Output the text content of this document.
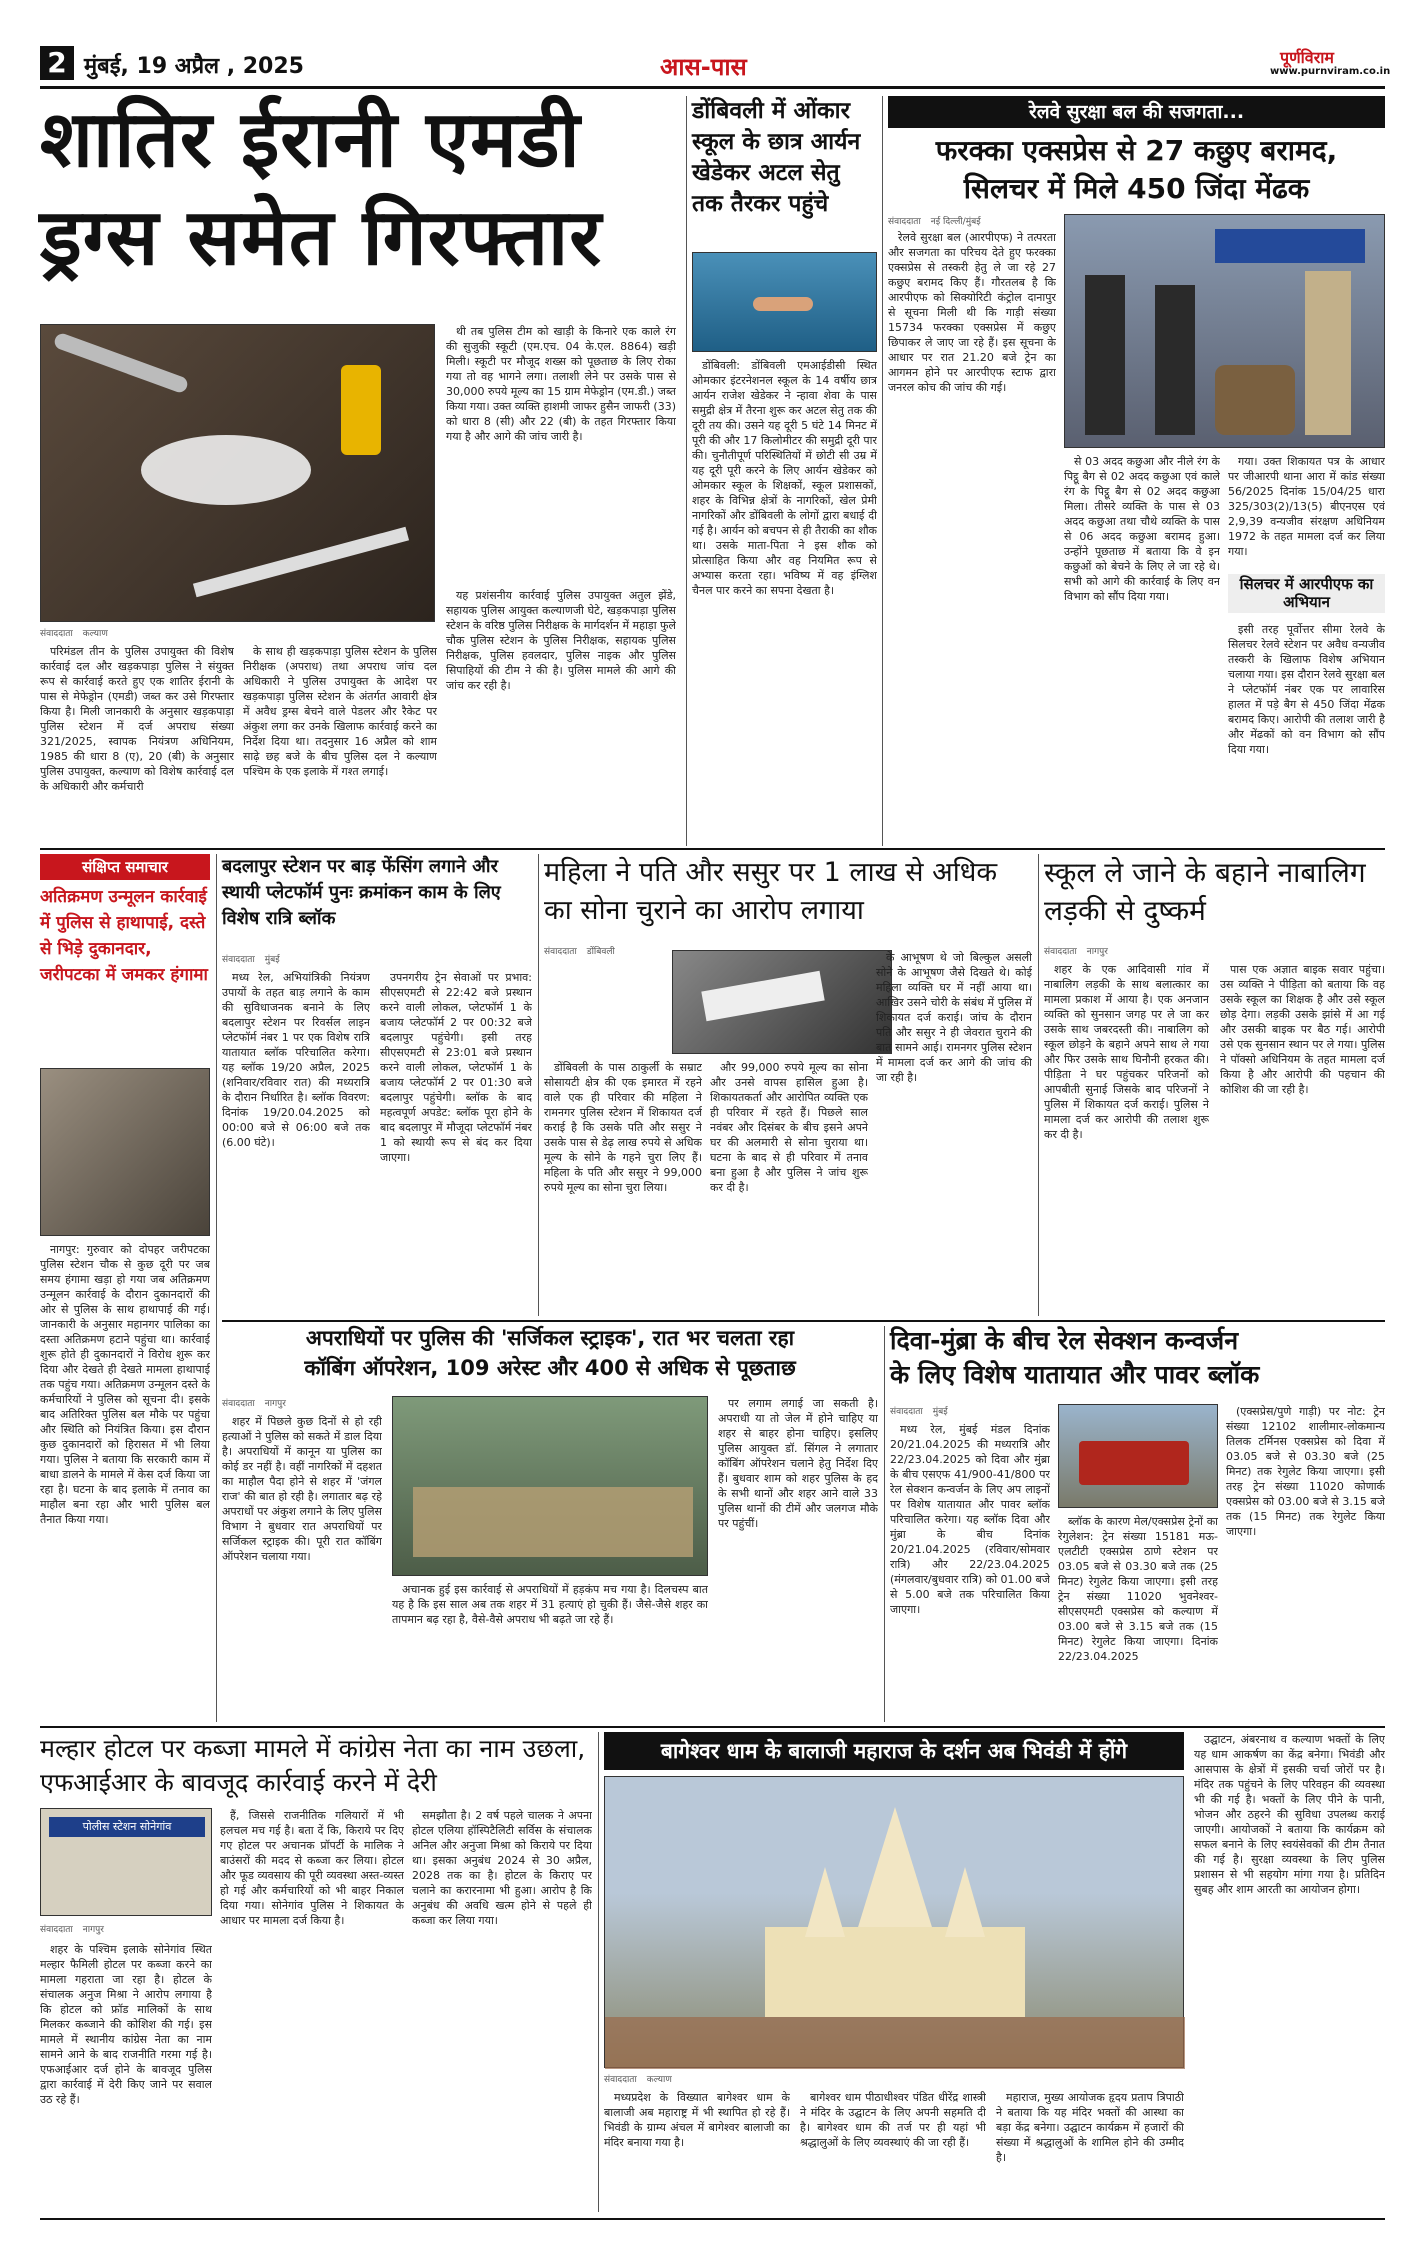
2 मुंबई, 19 अप्रैल , 2025	आस-पास	पूर्णविराम
www.purnviram.co.in
शातिर ईरानी एमडी
ड्रग्स समेत गिरफ्तार
संवाददाता कल्याण

परिमंडल तीन के पुलिस उपायुक्त की विशेष कार्रवाई दल और खड़कपाड़ा पुलिस ने संयुक्त रूप से कार्रवाई करते हुए एक शातिर ईरानी के पास से मेफेड्रोन (एमडी) जब्त कर उसे गिरफ्तार किया है। मिली जानकारी के अनुसार खड़कपाड़ा पुलिस स्टेशन में दर्ज अपराध संख्या 321/2025, स्वापक नियंत्रण अधिनियम, 1985 की धारा 8 (ए), 20 (बी) के अनुसार पुलिस उपायुक्त, कल्याण को विशेष कार्रवाई दल के अधिकारी और कर्मचारी

के साथ ही खड़कपाड़ा पुलिस स्टेशन के पुलिस निरीक्षक (अपराध) तथा अपराध जांच दल अधिकारी ने पुलिस उपायुक्त के आदेश पर खड़कपाड़ा पुलिस स्टेशन के अंतर्गत आवारी क्षेत्र में अवैध ड्रग्स बेचने वाले पेडलर और रैकेट पर अंकुश लगा कर उनके खिलाफ कार्रवाई करने का निर्देश दिया था। तदनुसार 16 अप्रैल को शाम साढ़े छह बजे के बीच पुलिस दल ने कल्याण पश्चिम के एक इलाके में गश्त लगाई।

थी तब पुलिस टीम को खाड़ी के किनारे एक काले रंग की सुजुकी स्कूटी (एम.एच. 04 के.एल. 8864) खड़ी मिली। स्कूटी पर मौजूद शख्स को पूछताछ के लिए रोका गया तो वह भागने लगा। तलाशी लेने पर उसके पास से 30,000 रुपये मूल्य का 15 ग्राम मेफेड्रोन (एम.डी.) जब्त किया गया। उक्त व्यक्ति हाशमी जाफर हुसैन जाफरी (33) को धारा 8 (सी) और 22 (बी) के तहत गिरफ्तार किया गया है और आगे की जांच जारी है।

यह प्रशंसनीय कार्रवाई पुलिस उपायुक्त अतुल झेंडे, सहायक पुलिस आयुक्त कल्याणजी घेटे, खड़कपाड़ा पुलिस स्टेशन के वरिष्ठ पुलिस निरीक्षक के मार्गदर्शन में महाड़ा फुले चौक पुलिस स्टेशन के पुलिस निरीक्षक, सहायक पुलिस निरीक्षक, पुलिस हवलदार, पुलिस नाइक और पुलिस सिपाहियों की टीम ने की है। पुलिस मामले की आगे की जांच कर रही है।

डोंबिवली में ओंकार स्कूल के छात्र आर्यन खेडेकर अटल सेतु तक तैरकर पहुंचे

डोंबिवली: डोंबिवली एमआईडीसी स्थित ओमकार इंटरनेशनल स्कूल के 14 वर्षीय छात्र आर्यन राजेश खेडेकर ने न्हावा शेवा के पास समुद्री क्षेत्र में तैरना शुरू कर अटल सेतु तक की दूरी तय की। उसने यह दूरी 5 घंटे 14 मिनट में पूरी की और 17 किलोमीटर की समुद्री दूरी पार की। चुनौतीपूर्ण परिस्थितियों में छोटी सी उम्र में यह दूरी पूरी करने के लिए आर्यन खेडेकर को ओमकार स्कूल के शिक्षकों, स्कूल प्रशासकों, शहर के विभिन्न क्षेत्रों के नागरिकों, खेल प्रेमी नागरिकों और डोंबिवली के लोगों द्वारा बधाई दी गई है। आर्यन को बचपन से ही तैराकी का शौक था। उसके माता-पिता ने इस शौक को प्रोत्साहित किया और वह नियमित रूप से अभ्यास करता रहा। भविष्य में वह इंग्लिश चैनल पार करने का सपना देखता है।

रेलवे सुरक्षा बल की सजगता...
फरक्का एक्सप्रेस से 27 कछुए बरामद,
सिलचर में मिले 450 जिंदा मेंढक
संवाददाता नई दिल्ली/मुंबई

रेलवे सुरक्षा बल (आरपीएफ) ने तत्परता और सजगता का परिचय देते हुए फरक्का एक्सप्रेस से तस्करी हेतु ले जा रहे 27 कछुए बरामद किए हैं। गौरतलब है कि आरपीएफ को सिक्योरिटी कंट्रोल दानापुर से सूचना मिली थी कि गाड़ी संख्या 15734 फरक्का एक्सप्रेस में कछुए छिपाकर ले जाए जा रहे हैं। इस सूचना के आधार पर रात 21.20 बजे ट्रेन का आगमन होने पर आरपीएफ स्टाफ द्वारा जनरल कोच की जांच की गई।

से 03 अदद कछुआ और नीले रंग के पिट्ठू बैग से 02 अदद कछुआ एवं काले रंग के पिट्ठू बैग से 02 अदद कछुआ मिला। तीसरे व्यक्ति के पास से 03 अदद कछुआ तथा चौथे व्यक्ति के पास से 06 अदद कछुआ बरामद हुआ। उन्होंने पूछताछ में बताया कि वे इन कछुओं को बेचने के लिए ले जा रहे थे। सभी को आगे की कार्रवाई के लिए वन विभाग को सौंप दिया गया।

गया। उक्त शिकायत पत्र के आधार पर जीआरपी थाना आरा में कांड संख्या 56/2025 दिनांक 15/04/25 धारा 325/303(2)/13(5) बीएनएस एवं 2,9,39 वन्यजीव संरक्षण अधिनियम 1972 के तहत मामला दर्ज कर लिया गया।

सिलचर में आरपीएफ का अभियान

इसी तरह पूर्वोत्तर सीमा रेलवे के सिलचर रेलवे स्टेशन पर अवैध वन्यजीव तस्करी के खिलाफ विशेष अभियान चलाया गया। इस दौरान रेलवे सुरक्षा बल ने प्लेटफॉर्म नंबर एक पर लावारिस हालत में पड़े बैग से 450 जिंदा मेंढक बरामद किए। आरोपी की तलाश जारी है और मेंढकों को वन विभाग को सौंप दिया गया।

संक्षिप्त समाचार
अतिक्रमण उन्मूलन कार्रवाई में पुलिस से हाथापाई, दस्ते से भिड़े दुकानदार, जरीपटका में जमकर हंगामा

नागपुर: गुरुवार को दोपहर जरीपटका पुलिस स्टेशन चौक से कुछ दूरी पर जब समय हंगामा खड़ा हो गया जब अतिक्रमण उन्मूलन कार्रवाई के दौरान दुकानदारों की ओर से पुलिस के साथ हाथापाई की गई। जानकारी के अनुसार महानगर पालिका का दस्ता अतिक्रमण हटाने पहुंचा था। कार्रवाई शुरू होते ही दुकानदारों ने विरोध शुरू कर दिया और देखते ही देखते मामला हाथापाई तक पहुंच गया। अतिक्रमण उन्मूलन दस्ते के कर्मचारियों ने पुलिस को सूचना दी। इसके बाद अतिरिक्त पुलिस बल मौके पर पहुंचा और स्थिति को नियंत्रित किया। इस दौरान कुछ दुकानदारों को हिरासत में भी लिया गया। पुलिस ने बताया कि सरकारी काम में बाधा डालने के मामले में केस दर्ज किया जा रहा है। घटना के बाद इलाके में तनाव का माहौल बना रहा और भारी पुलिस बल तैनात किया गया।

बदलापुर स्टेशन पर बाड़ फेंसिंग लगाने और स्थायी प्लेटफॉर्म पुनः क्रमांकन काम के लिए विशेष रात्रि ब्लॉक
संवाददाता मुंबई

मध्य रेल, अभियांत्रिकी नियंत्रण उपायों के तहत बाड़ लगाने के काम की सुविधाजनक बनाने के लिए बदलापुर स्टेशन पर रिवर्सल लाइन प्लेटफॉर्म नंबर 1 पर एक विशेष रात्रि यातायात ब्लॉक परिचालित करेगा। यह ब्लॉक 19/20 अप्रैल, 2025 (शनिवार/रविवार रात) की मध्यरात्रि के दौरान निर्धारित है। ब्लॉक विवरण: दिनांक 19/20.04.2025 को 00:00 बजे से 06:00 बजे तक (6.00 घंटे)।

उपनगरीय ट्रेन सेवाओं पर प्रभाव: सीएसएमटी से 22:42 बजे प्रस्थान करने वाली लोकल, प्लेटफॉर्म 1 के बजाय प्लेटफॉर्म 2 पर 00:32 बजे बदलापुर पहुंचेगी। इसी तरह सीएसएमटी से 23:01 बजे प्रस्थान करने वाली लोकल, प्लेटफॉर्म 1 के बजाय प्लेटफॉर्म 2 पर 01:30 बजे बदलापुर पहुंचेगी। ब्लॉक के बाद महत्वपूर्ण अपडेट: ब्लॉक पूरा होने के बाद बदलापुर में मौजूदा प्लेटफॉर्म नंबर 1 को स्थायी रूप से बंद कर दिया जाएगा।

महिला ने पति और ससुर पर 1 लाख से अधिक का सोना चुराने का आरोप लगाया
संवाददाता डोंबिवली

डोंबिवली के पास ठाकुर्ली के सम्राट सोसायटी क्षेत्र की एक इमारत में रहने वाले एक ही परिवार की महिला ने रामनगर पुलिस स्टेशन में शिकायत दर्ज कराई है कि उसके पति और ससुर ने उसके पास से डेढ़ लाख रुपये से अधिक मूल्य के सोने के गहने चुरा लिए हैं। महिला के पति और ससुर ने 99,000 रुपये मूल्य का सोना चुरा लिया।

और 99,000 रुपये मूल्य का सोना और उनसे वापस हासिल हुआ है। शिकायतकर्ता और आरोपित व्यक्ति एक ही परिवार में रहते हैं। पिछले साल नवंबर और दिसंबर के बीच इसने अपने घर की अलमारी से सोना चुराया था। घटना के बाद से ही परिवार में तनाव बना हुआ है और पुलिस ने जांच शुरू कर दी है।

के आभूषण थे जो बिल्कुल असली सोने के आभूषण जैसे दिखते थे। कोई महिला व्यक्ति घर में नहीं आया था। आखिर उसने चोरी के संबंध में पुलिस में शिकायत दर्ज कराई। जांच के दौरान पति और ससुर ने ही जेवरात चुराने की बात सामने आई। रामनगर पुलिस स्टेशन में मामला दर्ज कर आगे की जांच की जा रही है।

स्कूल ले जाने के बहाने नाबालिग लड़की से दुष्कर्म
संवाददाता नागपुर

शहर के एक आदिवासी गांव में नाबालिग लड़की के साथ बलात्कार का मामला प्रकाश में आया है। एक अनजान व्यक्ति को सुनसान जगह पर ले जा कर उसके साथ जबरदस्ती की। नाबालिग को स्कूल छोड़ने के बहाने अपने साथ ले गया और फिर उसके साथ घिनौनी हरकत की। पीड़िता ने घर पहुंचकर परिजनों को आपबीती सुनाई जिसके बाद परिजनों ने पुलिस में शिकायत दर्ज कराई। पुलिस ने मामला दर्ज कर आरोपी की तलाश शुरू कर दी है।

पास एक अज्ञात बाइक सवार पहुंचा। उस व्यक्ति ने पीड़िता को बताया कि वह उसके स्कूल का शिक्षक है और उसे स्कूल छोड़ देगा। लड़की उसके झांसे में आ गई और उसकी बाइक पर बैठ गई। आरोपी उसे एक सुनसान स्थान पर ले गया। पुलिस ने पॉक्सो अधिनियम के तहत मामला दर्ज किया है और आरोपी की पहचान की कोशिश की जा रही है।

अपराधियों पर पुलिस की 'सर्जिकल स्ट्राइक', रात भर चलता रहा
कॉबिंग ऑपरेशन, 109 अरेस्ट और 400 से अधिक से पूछताछ
संवाददाता नागपुर

शहर में पिछले कुछ दिनों से हो रही हत्याओं ने पुलिस को सकते में डाल दिया है। अपराधियों में कानून या पुलिस का कोई डर नहीं है। वहीं नागरिकों में दहशत का माहौल पैदा होने से शहर में 'जंगल राज' की बात हो रही है। लगातार बढ़ रहे अपराधों पर अंकुश लगाने के लिए पुलिस विभाग ने बुधवार रात अपराधियों पर सर्जिकल स्ट्राइक की। पूरी रात कॉबिंग ऑपरेशन चलाया गया।

अचानक हुई इस कार्रवाई से अपराधियों में हड़कंप मच गया है। दिलचस्प बात यह है कि इस साल अब तक शहर में 31 हत्याएं हो चुकी हैं। जैसे-जैसे शहर का तापमान बढ़ रहा है, वैसे-वैसे अपराध भी बढ़ते जा रहे हैं।

पर लगाम लगाई जा सकती है। अपराधी या तो जेल में होने चाहिए या शहर से बाहर होना चाहिए। इसलिए पुलिस आयुक्त डॉ. सिंगल ने लगातार कॉबिंग ऑपरेशन चलाने हेतु निर्देश दिए हैं। बुधवार शाम को शहर पुलिस के हद के सभी थानों और शहर आने वाले 33 पुलिस थानों की टीमें और जलगज मौके पर पहुंचीं।

दिवा-मुंब्रा के बीच रेल सेक्शन कन्वर्जन
के लिए विशेष यातायात और पावर ब्लॉक
संवाददाता मुंबई

मध्य रेल, मुंबई मंडल दिनांक 20/21.04.2025 की मध्यरात्रि और 22/23.04.2025 को दिवा और मुंब्रा के बीच एसएफ 41/900-41/800 पर रेल सेक्शन कन्वर्जन के लिए अप लाइनों पर विशेष यातायात और पावर ब्लॉक परिचालित करेगा। यह ब्लॉक दिवा और मुंब्रा के बीच दिनांक 20/21.04.2025 (रविवार/सोमवार रात्रि) और 22/23.04.2025 (मंगलवार/बुधवार रात्रि) को 01.00 बजे से 5.00 बजे तक परिचालित किया जाएगा।

ब्लॉक के कारण मेल/एक्सप्रेस ट्रेनों का रेगुलेशन: ट्रेन संख्या 15181 मऊ-एलटीटी एक्सप्रेस ठाणे स्टेशन पर 03.05 बजे से 03.30 बजे तक (25 मिनट) रेगुलेट किया जाएगा। इसी तरह ट्रेन संख्या 11020 भुवनेश्वर-सीएसएमटी एक्सप्रेस को कल्याण में 03.00 बजे से 3.15 बजे तक (15 मिनट) रेगुलेट किया जाएगा। दिनांक 22/23.04.2025

(एक्सप्रेस/पुणे गाड़ी) पर नोट: ट्रेन संख्या 12102 शालीमार-लोकमान्य तिलक टर्मिनस एक्सप्रेस को दिवा में 03.05 बजे से 03.30 बजे (25 मिनट) तक रेगुलेट किया जाएगा। इसी तरह ट्रेन संख्या 11020 कोणार्क एक्सप्रेस को 03.00 बजे से 3.15 बजे तक (15 मिनट) तक रेगुलेट किया जाएगा।

मल्हार होटल पर कब्जा मामले में कांग्रेस नेता का नाम उछला, एफआईआर के बावजूद कार्रवाई करने में देरी
पोलीस स्टेशन सोनेगांव
संवाददाता नागपुर

शहर के पश्चिम इलाके सोनेगांव स्थित मल्हार फैमिली होटल पर कब्जा करने का मामला गहराता जा रहा है। होटल के संचालक अनुज मिश्रा ने आरोप लगाया है कि होटल को फ्रॉड मालिकों के साथ मिलकर कब्जाने की कोशिश की गई। इस मामले में स्थानीय कांग्रेस नेता का नाम सामने आने के बाद राजनीति गरमा गई है। एफआईआर दर्ज होने के बावजूद पुलिस द्वारा कार्रवाई में देरी किए जाने पर सवाल उठ रहे हैं।

हैं, जिससे राजनीतिक गलियारों में भी हलचल मच गई है। बता दें कि, किराये पर दिए गए होटल पर अचानक प्रॉपर्टी के मालिक ने बाउंसरों की मदद से कब्जा कर लिया। होटल और फूड व्यवसाय की पूरी व्यवस्था अस्त-व्यस्त हो गई और कर्मचारियों को भी बाहर निकाल दिया गया। सोनेगांव पुलिस ने शिकायत के आधार पर मामला दर्ज किया है।

समझौता है। 2 वर्ष पहले चालक ने अपना होटल एलिया हॉस्पिटैलिटी सर्विस के संचालक अनिल और अनुजा मिश्रा को किराये पर दिया था। इसका अनुबंध 2024 से 30 अप्रैल, 2028 तक का है। होटल के किराए पर चलाने का करारनामा भी हुआ। आरोप है कि अनुबंध की अवधि खत्म होने से पहले ही कब्जा कर लिया गया।

बागेश्वर धाम के बालाजी महाराज के दर्शन अब भिवंडी में होंगे
संवाददाता कल्याण

मध्यप्रदेश के विख्यात बागेश्वर धाम के बालाजी अब महाराष्ट्र में भी स्थापित हो रहे हैं। भिवंडी के ग्राम्य अंचल में बागेश्वर बालाजी का मंदिर बनाया गया है।

बागेश्वर धाम पीठाधीश्वर पंडित धीरेंद्र शास्त्री ने मंदिर के उद्घाटन के लिए अपनी सहमति दी है। बागेश्वर धाम की तर्ज पर ही यहां भी श्रद्धालुओं के लिए व्यवस्थाएं की जा रही हैं।

महाराज, मुख्य आयोजक हृदय प्रताप त्रिपाठी ने बताया कि यह मंदिर भक्तों की आस्था का बड़ा केंद्र बनेगा। उद्घाटन कार्यक्रम में हजारों की संख्या में श्रद्धालुओं के शामिल होने की उम्मीद है।

उद्घाटन, अंबरनाथ व कल्याण भक्तों के लिए यह धाम आकर्षण का केंद्र बनेगा। भिवंडी और आसपास के क्षेत्रों में इसकी चर्चा जोरों पर है। मंदिर तक पहुंचने के लिए परिवहन की व्यवस्था भी की गई है। भक्तों के लिए पीने के पानी, भोजन और ठहरने की सुविधा उपलब्ध कराई जाएगी। आयोजकों ने बताया कि कार्यक्रम को सफल बनाने के लिए स्वयंसेवकों की टीम तैनात की गई है। सुरक्षा व्यवस्था के लिए पुलिस प्रशासन से भी सहयोग मांगा गया है। प्रतिदिन सुबह और शाम आरती का आयोजन होगा।
